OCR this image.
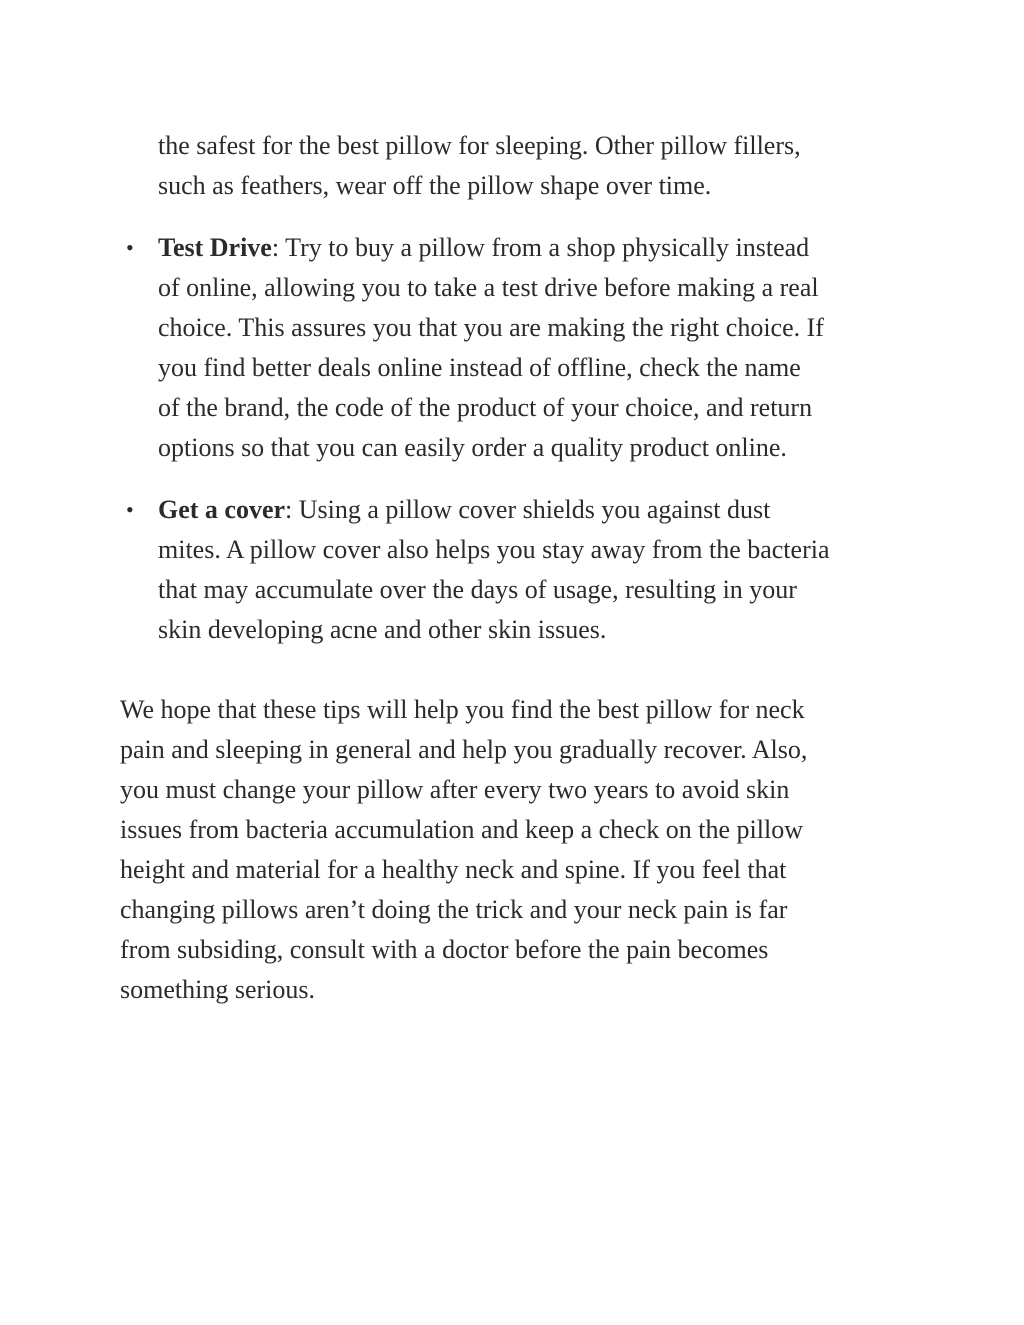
the safest for the best pillow for sleeping. Other pillow fillers,
such as feathers, wear off the pillow shape over time.
• Test Drive: Try to buy a pillow from a shop physically instead
of online, allowing you to take a test drive before making a real
choice. This assures you that you are making the right choice. If
you find better deals online instead of offline, check the name
of the brand, the code of the product of your choice, and return
options so that you can easily order a quality product online.
• Get a cover: Using a pillow cover shields you against dust
mites. A pillow cover also helps you stay away from the bacteria
that may accumulate over the days of usage, resulting in your
skin developing acne and other skin issues.
We hope that these tips will help you find the best pillow for neck
pain and sleeping in general and help you gradually recover. Also,
you must change your pillow after every two years to avoid skin
issues from bacteria accumulation and keep a check on the pillow
height and material for a healthy neck and spine. If you feel that
changing pillows aren’t doing the trick and your neck pain is far
from subsiding, consult with a doctor before the pain becomes
something serious.
